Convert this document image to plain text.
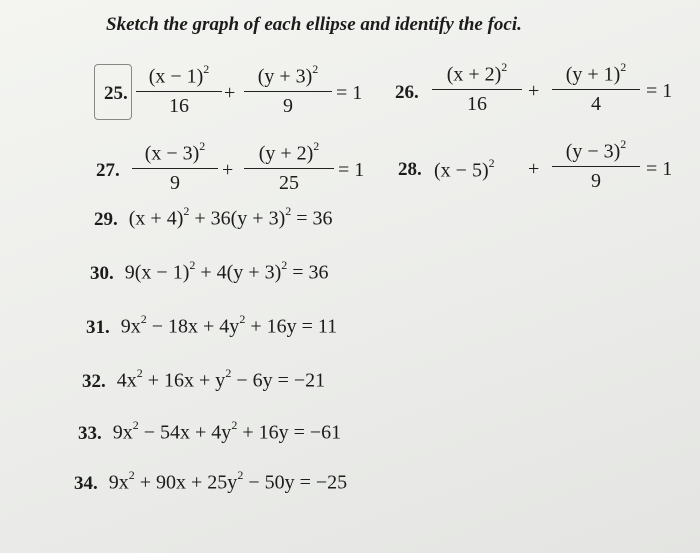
Sketch the graph of each ellipse and identify the foci.
25.
$(x - 1)^2$
16
+
$(y + 3)^2$
9
= 1 26.
$(x + 2)^2$
16
+
$(y + 1)^2$
4
= 1
27.
$(x - 3)^2$
9
+
$(y + 2)^2$
25
= 1 28. $(x - 5)^2$ +
$(y - 3)^2$
9
= 1
29. $(x + 4)^2 + 36(y + 3)^2 = 36$
30. $9(x - 1)^2 + 4(y + 3)^2 = 36$
31. $9x^2 - 18x + 4y^2 + 16y = 11$
32. $4x^2 + 16x + y^2 - 6y = -21$
33. $9x^2 - 54x + 4y^2 + 16y = -61$
34. $9x^2 + 90x + 25y^2 - 50y = -25$
